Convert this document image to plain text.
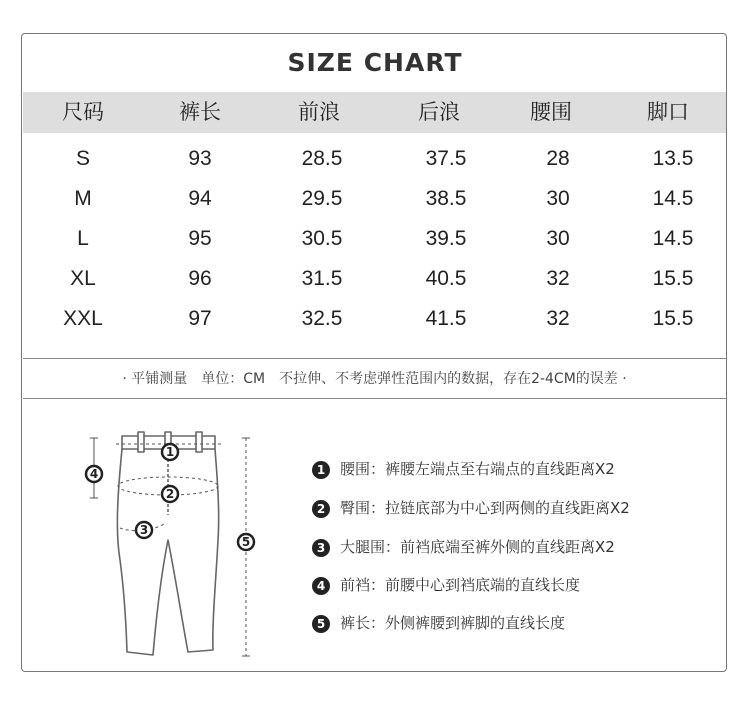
SIZE CHART
尺码	裤长	前浪	后浪	腰围	脚口
S	93	28.5	37.5	28	13.5
M	94	29.5	38.5	30	14.5
L	95	30.5	39.5	30	14.5
XL	96	31.5	40.5	32	15.5
XXL	97	32.5	41.5	32	15.5
· 平铺测量　单位：CM　不拉伸、不考虑弹性范围内的数据，存在2-4CM的误差 ·
1
2
3
4
5
1 腰围：裤腰左端点至右端点的直线距离X2
2 臀围：拉链底部为中心到两侧的直线距离X2
3 大腿围：前裆底端至裤外侧的直线距离X2
4 前裆：前腰中心到裆底端的直线长度
5 裤长：外侧裤腰到裤脚的直线长度
